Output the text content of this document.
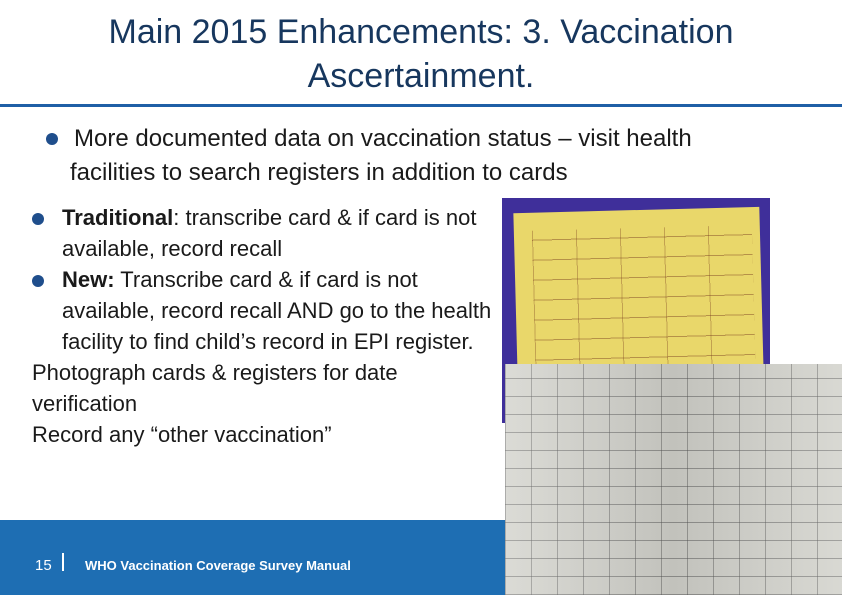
Main 2015 Enhancements: 3. Vaccination
Ascertainment.
More documented data on vaccination status – visit health
facilities to search registers in addition to cards
Traditional: transcribe card & if card is not available, record recall
New: Transcribe card & if card is not available, record recall AND go to the health facility to find child’s record in EPI register.
Photograph cards & registers for date verification
Record any “other vaccination”
15	WHO Vaccination Coverage Survey Manual
